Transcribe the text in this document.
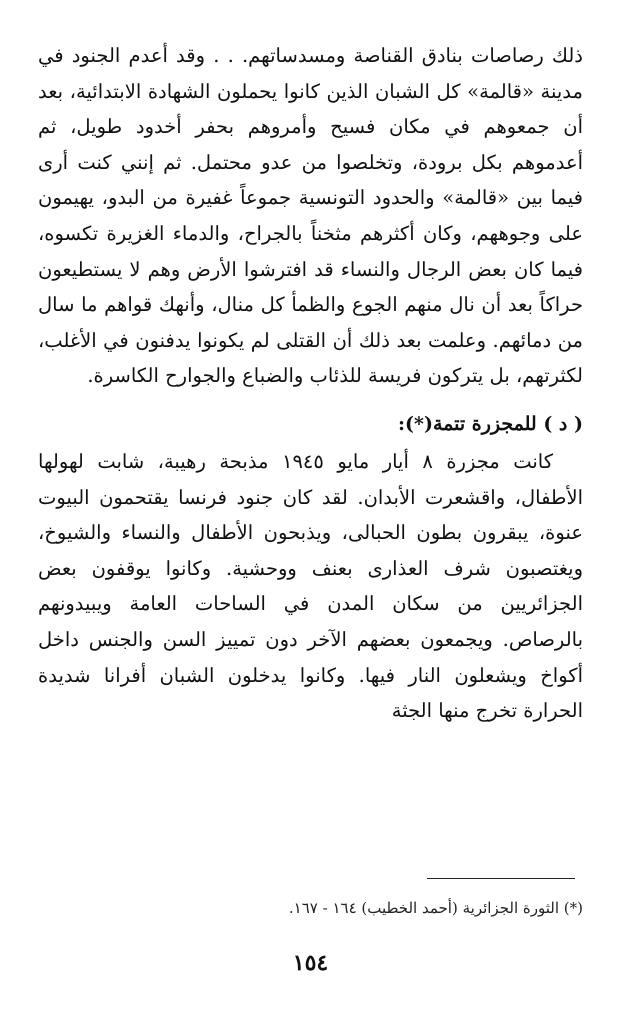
ذلك رصاصات بنادق القناصة ومسدساتهم. . . وقد أعدم الجنود في مدينة «قالمة» كل الشبان الذين كانوا يحملون الشهادة الابتدائية، بعد أن جمعوهم في مكان فسيح وأمروهم بحفر أخدود طويل، ثم أعدموهم بكل برودة، وتخلصوا من عدو محتمل. ثم إنني كنت أرى فيما بين «قالمة» والحدود التونسية جموعاً غفيرة من البدو، يهيمون على وجوههم، وكان أكثرهم مثخناً بالجراح، والدماء الغزيرة تكسوه، فيما كان بعض الرجال والنساء قد افترشوا الأرض وهم لا يستطيعون حراكاً بعد أن نال منهم الجوع والظمأ كل منال، وأنهك قواهم ما سال من دمائهم. وعلمت بعد ذلك أن القتلى لم يكونوا يدفنون في الأغلب، لكثرتهم، بل يتركون فريسة للذئاب والضباع والجوارح الكاسرة.

( د ) للمجزرة تتمة(*):

كانت مجزرة ٨ أيار مايو ١٩٤٥ مذبحة رهيبة، شابت لهولها الأطفال، واقشعرت الأبدان. لقد كان جنود فرنسا يقتحمون البيوت عنوة، يبقرون بطون الحبالى، ويذبحون الأطفال والنساء والشيوخ، ويغتصبون شرف العذارى بعنف ووحشية. وكانوا يوقفون بعض الجزائريين من سكان المدن في الساحات العامة ويبيدونهم بالرصاص. ويجمعون بعضهم الآخر دون تمييز السن والجنس داخل أكواخ ويشعلون النار فيها. وكانوا يدخلون الشبان أفرانا شديدة الحرارة تخرج منها الجثة

(*) الثورة الجزائرية (أحمد الخطيب) ١٦٤ - ١٦٧.
١٥٤
